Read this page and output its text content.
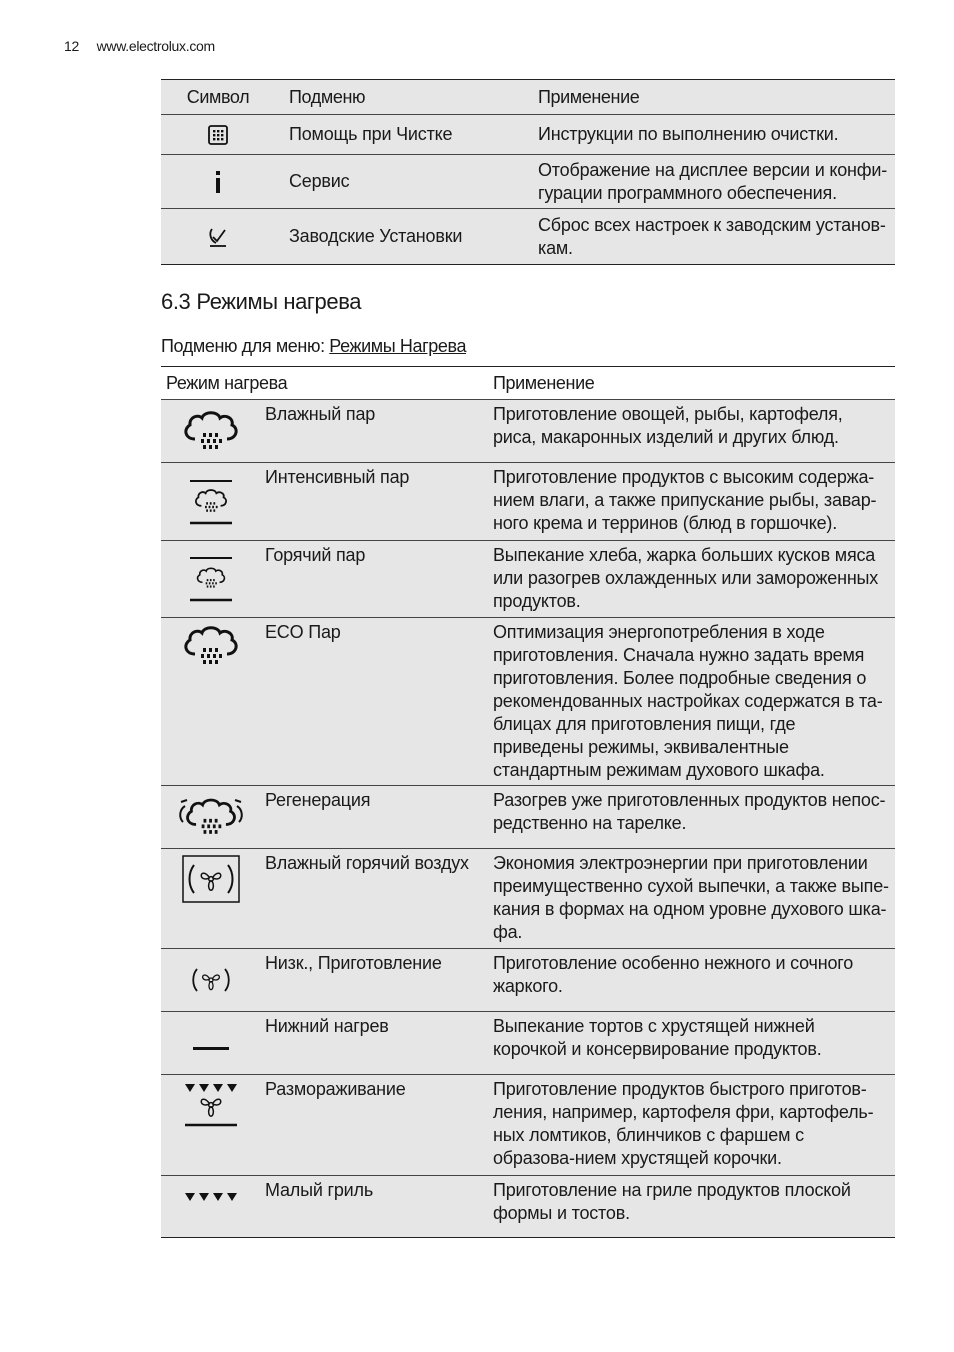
12 www.electrolux.com
Символ	Подменю	Применение
	Помощь при Чистке	Инструкции по выполнению очистки.
	Сервис	Отображение на дисплее версии и конфи-гурации программного обеспечения.
	Заводские Установки	Сброс всех настроек к заводским установ-кам.
6.3 Режимы нагрева
Подменю для меню: Режимы Нагрева
Режим нагрева		Применение
	Влажный пар	Приготовление овощей, рыбы, картофеля, риса, макаронных изделий и других блюд.
	Интенсивный пар	Приготовление продуктов с высоким содержа-нием влаги, а также припускание рыбы, завар-ного крема и терринов (блюд в горшочке).
	Горячий пар	Выпекание хлеба, жарка больших кусков мяса или разогрев охлажденных или замороженных продуктов.
	ECO Пар	Оптимизация энергопотребления в ходе приготовления. Сначала нужно задать время приготовления. Более подробные сведения о рекомендованных настройках содержатся в та-блицах для приготовления пищи, где приведены режимы, эквивалентные стандартным режимам духового шкафа.
	Регенерация	Разогрев уже приготовленных продуктов непос-редственно на тарелке.
	Влажный горячий воздух	Экономия электроэнергии при приготовлении преимущественно сухой выпечки, а также выпе-кания в формах на одном уровне духового шка-фа.
	Низк., Приготовление	Приготовление особенно нежного и сочного жаркого.
	Нижний нагрев	Выпекание тортов с хрустящей нижней корочкой и консервирование продуктов.
	Размораживание	Приготовление продуктов быстрого приготов-ления, например, картофеля фри, картофель-ных ломтиков, блинчиков с фаршем с образова-нием хрустящей корочки.
	Малый гриль	Приготовление на гриле продуктов плоской формы и тостов.
